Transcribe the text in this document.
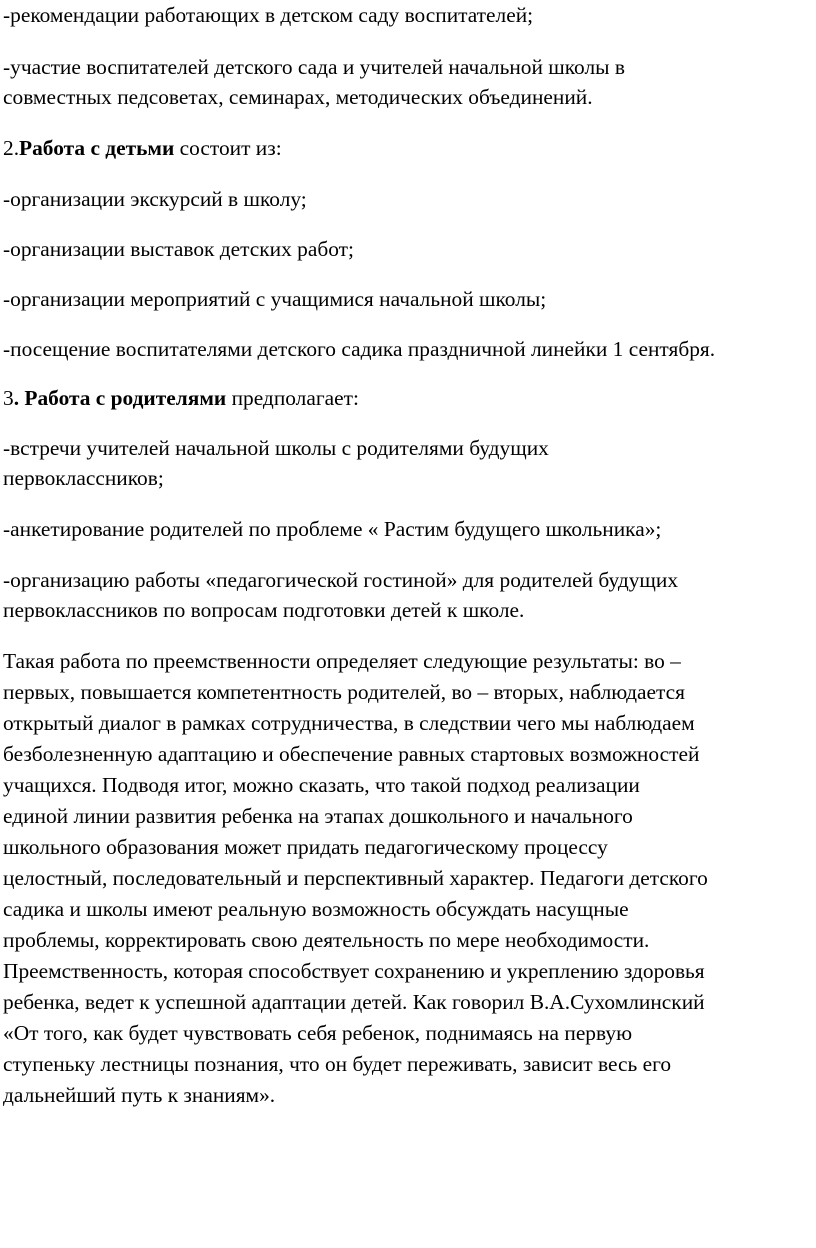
-рекомендации работающих в детском саду воспитателей;

-участие воспитателей детского сада и учителей начальной школы в

совместных педсоветах, семинарах, методических объединений.

2.Работа с детьми состоит из:

-организации экскурсий в школу;

-организации выставок детских работ;

-организации мероприятий с учащимися начальной школы;

-посещение воспитателями детского садика праздничной линейки 1 сентября.

3. Работа с родителями предполагает:

-встречи учителей начальной школы с родителями будущих

первоклассников;

-анкетирование родителей по проблеме « Растим будущего школьника»;

-организацию работы «педагогической гостиной» для родителей будущих

первоклассников по вопросам подготовки детей к школе.

Такая работа по преемственности определяет следующие результаты: во –

первых, повышается компетентность родителей, во – вторых, наблюдается

открытый диалог в рамках сотрудничества, в следствии чего мы наблюдаем

безболезненную адаптацию и обеспечение равных стартовых возможностей

учащихся. Подводя итог, можно сказать, что такой подход реализации

единой линии развития ребенка на этапах дошкольного и начального

школьного образования может придать педагогическому процессу

целостный, последовательный и перспективный характер. Педагоги детского

садика и школы имеют реальную возможность обсуждать насущные

проблемы, корректировать свою деятельность по мере необходимости.

Преемственность, которая способствует сохранению и укреплению здоровья

ребенка, ведет к успешной адаптации детей. Как говорил В.А.Сухомлинский

«От того, как будет чувствовать себя ребенок, поднимаясь на первую

ступеньку лестницы познания, что он будет переживать, зависит весь его

дальнейший путь к знаниям».
